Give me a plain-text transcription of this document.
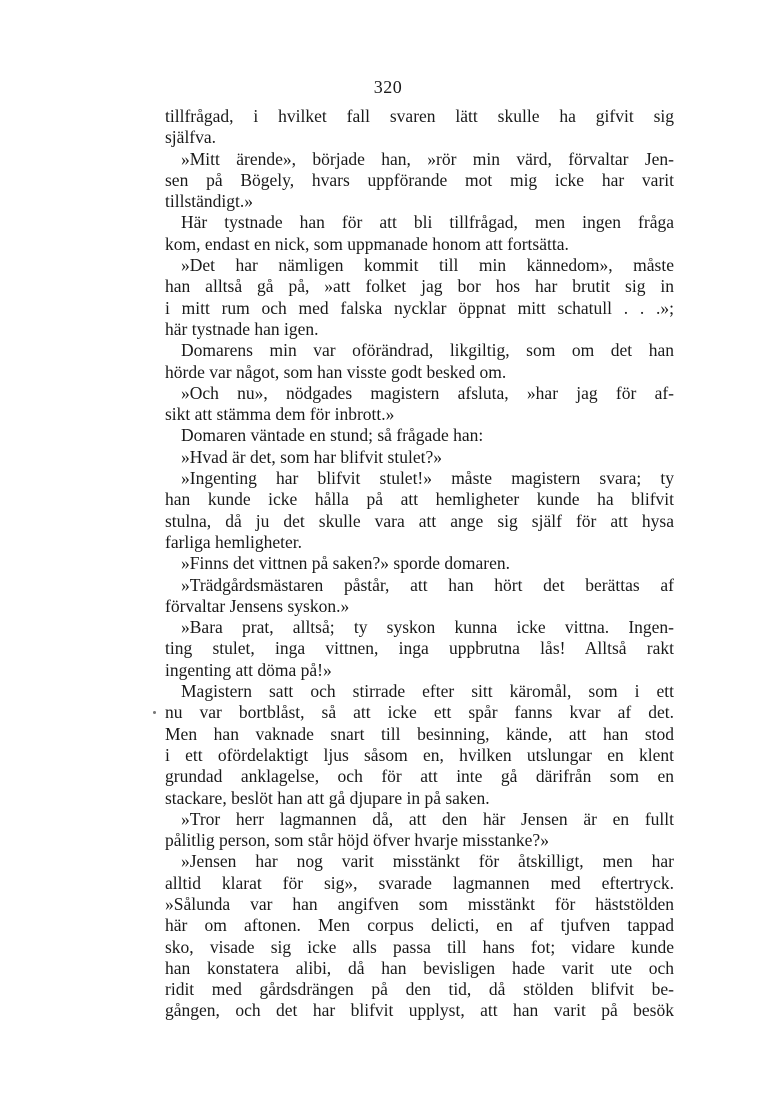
320
tillfrågad, i hvilket fall svaren lätt skulle ha gifvit sig
själfva.
»Mitt ärende», började han, »rör min värd, förvaltar Jen-
sen på Bögely, hvars uppförande mot mig icke har varit
tillständigt.»
Här tystnade han för att bli tillfrågad, men ingen fråga
kom, endast en nick, som uppmanade honom att fortsätta.
»Det har nämligen kommit till min kännedom», måste
han alltså gå på, »att folket jag bor hos har brutit sig in
i mitt rum och med falska nycklar öppnat mitt schatull . . .»;
här tystnade han igen.
Domarens min var oförändrad, likgiltig, som om det han
hörde var något, som han visste godt besked om.
»Och nu», nödgades magistern afsluta, »har jag för af-
sikt att stämma dem för inbrott.»
Domaren väntade en stund; så frågade han:
»Hvad är det, som har blifvit stulet?»
»Ingenting har blifvit stulet!» måste magistern svara; ty
han kunde icke hålla på att hemligheter kunde ha blifvit
stulna, då ju det skulle vara att ange sig själf för att hysa
farliga hemligheter.
»Finns det vittnen på saken?» sporde domaren.
»Trädgårdsmästaren påstår, att han hört det berättas af
förvaltar Jensens syskon.»
»Bara prat, alltså; ty syskon kunna icke vittna. Ingen-
ting stulet, inga vittnen, inga uppbrutna lås! Alltså rakt
ingenting att döma på!»
Magistern satt och stirrade efter sitt käromål, som i ett
nu var bortblåst, så att icke ett spår fanns kvar af det.
Men han vaknade snart till besinning, kände, att han stod
i ett ofördelaktigt ljus såsom en, hvilken utslungar en klent
grundad anklagelse, och för att inte gå därifrån som en
stackare, beslöt han att gå djupare in på saken.
»Tror herr lagmannen då, att den här Jensen är en fullt
pålitlig person, som står höjd öfver hvarje misstanke?»
»Jensen har nog varit misstänkt för åtskilligt, men har
alltid klarat för sig», svarade lagmannen med eftertryck.
»Sålunda var han angifven som misstänkt för häststölden
här om aftonen. Men corpus delicti, en af tjufven tappad
sko, visade sig icke alls passa till hans fot; vidare kunde
han konstatera alibi, då han bevisligen hade varit ute och
ridit med gårdsdrängen på den tid, då stölden blifvit be-
gången, och det har blifvit upplyst, att han varit på besök
